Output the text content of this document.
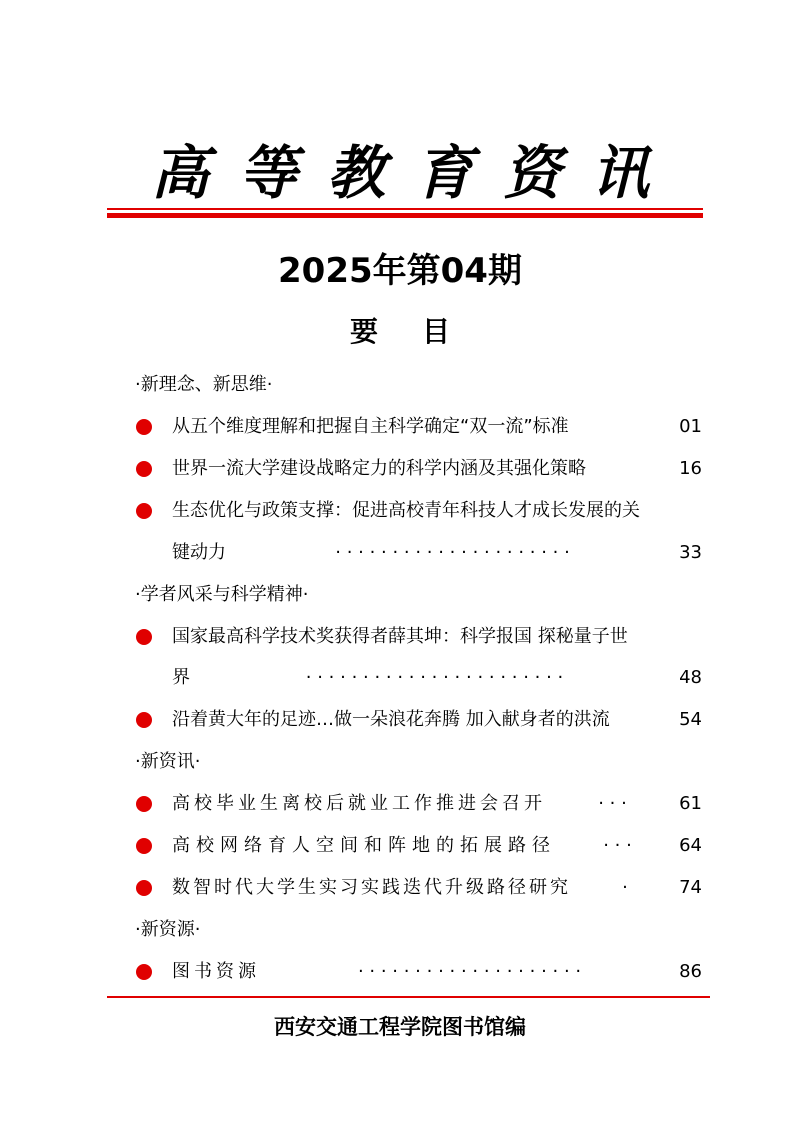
高等教育资讯
2025年第04期
要目
·新理念、新思维·
从五个维度理解和把握自主科学确定“双一流”标准	01
世界一流大学建设战略定力的科学内涵及其强化策略	16
生态优化与政策支撑：促进高校青年科技人才成长发展的关
键动力	· · · · · · · · · · · · · · · · · · · · ·	33
·学者风采与科学精神·
国家最高科学技术奖获得者薛其坤：科学报国 探秘量子世
界	· · · · · · · · · · · · · · · · · · · · · · ·	48
沿着黄大年的足迹…做一朵浪花奔腾 加入献身者的洪流	54
·新资讯·
高校毕业生离校后就业工作推进会召开	· · ·	61
高校网络育人空间和阵地的拓展路径	· · ·	64
数智时代大学生实习实践迭代升级路径研究	·	74
·新资源·
图书资源	· · · · · · · · · · · · · · · · · · · ·	86
西安交通工程学院图书馆编
